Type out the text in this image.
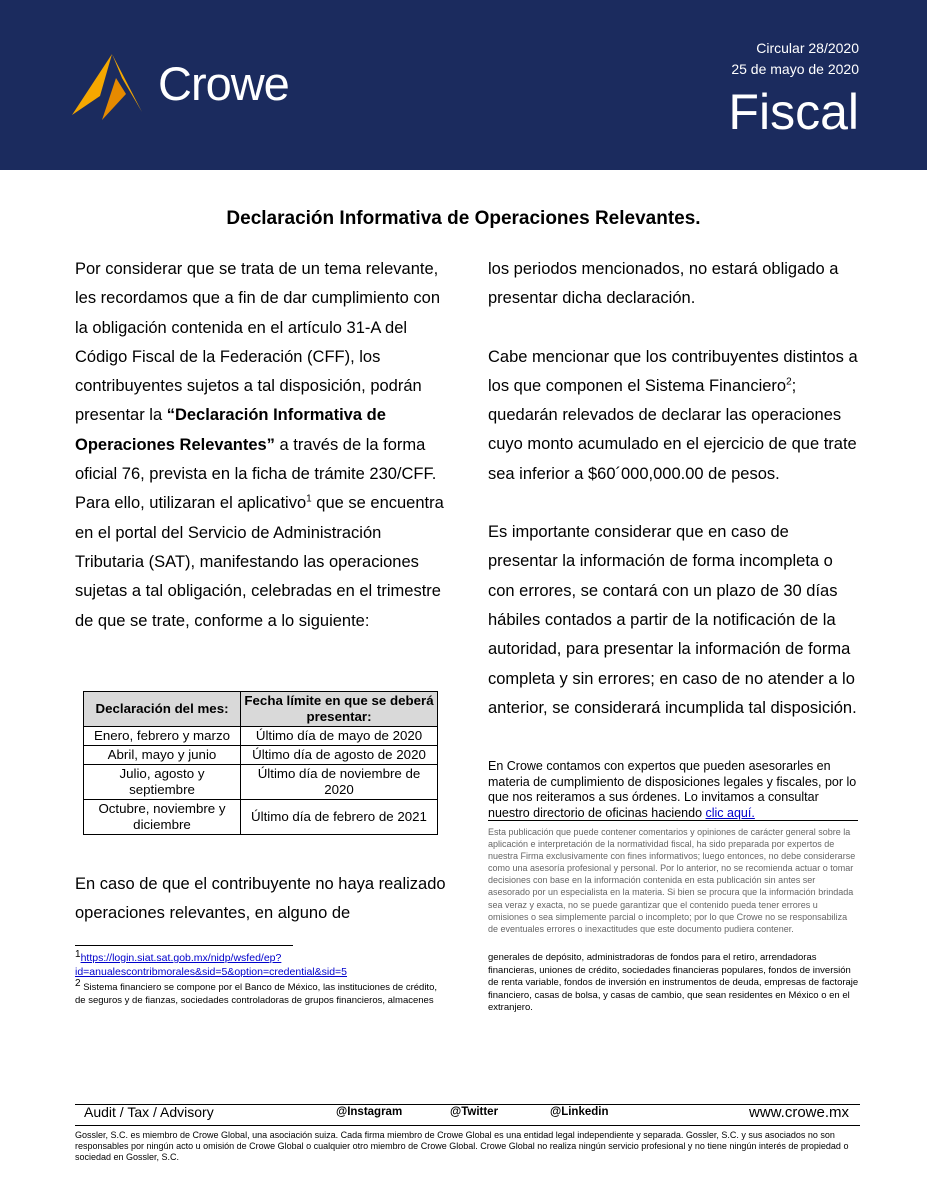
Crowe
Circular 28/2020
25 de mayo de 2020
Fiscal
Declaración Informativa de Operaciones Relevantes.

Por considerar que se trata de un tema relevante, les recordamos que a fin de dar cumplimiento con la obligación contenida en el artículo 31-A del Código Fiscal de la Federación (CFF), los contribuyentes sujetos a tal disposición, podrán presentar la “Declaración Informativa de Operaciones Relevantes” a través de la forma oficial 76, prevista en la ficha de trámite 230/CFF. Para ello, utilizaran el aplicativo$^1$ que se encuentra en el portal del Servicio de Administración Tributaria (SAT), manifestando las operaciones sujetas a tal obligación, celebradas en el trimestre de que se trate, conforme a lo siguiente:

Declaración del mes:	Fecha límite en que se deberá presentar:
Enero, febrero y marzo	Último día de mayo de 2020
Abril, mayo y junio	Último día de agosto de 2020
Julio, agosto y septiembre	Último día de noviembre de 2020
Octubre, noviembre y diciembre	Último día de febrero de 2021

En caso de que el contribuyente no haya realizado operaciones relevantes, en alguno de

los periodos mencionados, no estará obligado a presentar dicha declaración.

Cabe mencionar que los contribuyentes distintos a los que componen el Sistema Financiero$^2$; quedarán relevados de declarar las operaciones cuyo monto acumulado en el ejercicio de que trate sea inferior a $60´000,000.00 de pesos.

Es importante considerar que en caso de presentar la información de forma incompleta o con errores, se contará con un plazo de 30 días hábiles contados a partir de la notificación de la autoridad, para presentar la información de forma completa y sin errores; en caso de no atender a lo anterior, se considerará incumplida tal disposición.

En Crowe contamos con expertos que pueden asesorarles en materia de cumplimiento de disposiciones legales y fiscales, por lo que nos reiteramos a sus órdenes. Lo invitamos a consultar nuestro directorio de oficinas haciendo clic aquí.
Esta publicación que puede contener comentarios y opiniones de carácter general sobre la aplicación e interpretación de la normatividad fiscal, ha sido preparada por expertos de nuestra Firma exclusivamente con fines informativos; luego entonces, no debe considerarse como una asesoría profesional y personal. Por lo anterior, no se recomienda actuar o tomar decisiones con base en la información contenida en esta publicación sin antes ser asesorado por un especialista en la materia. Si bien se procura que la información brindada sea veraz y exacta, no se puede garantizar que el contenido pueda tener errores u omisiones o sea simplemente parcial o incompleto; por lo que Crowe no se responsabiliza de eventuales errores o inexactitudes que este documento pudiera contener.
$^1$https://login.siat.sat.gob.mx/nidp/wsfed/ep?id=anualescontribmorales&sid=5&option=credential&sid=5
$^2$ Sistema financiero se compone por el Banco de México, las instituciones de crédito, de seguros y de fianzas, sociedades controladoras de grupos financieros, almacenes
generales de depósito, administradoras de fondos para el retiro, arrendadoras financieras, uniones de crédito, sociedades financieras populares, fondos de inversión de renta variable, fondos de inversión en instrumentos de deuda, empresas de factoraje financiero, casas de bolsa, y casas de cambio, que sean residentes en México o en el extranjero.
Audit / Tax / Advisory	@Instagram	@Twitter	@Linkedin	www.crowe.mx
Gossler, S.C. es miembro de Crowe Global, una asociación suiza. Cada firma miembro de Crowe Global es una entidad legal independiente y separada. Gossler, S.C. y sus asociados no son responsables por ningún acto u omisión de Crowe Global o cualquier otro miembro de Crowe Global. Crowe Global no realiza ningún servicio profesional y no tiene ningún interés de propiedad o sociedad en Gossler, S.C.
